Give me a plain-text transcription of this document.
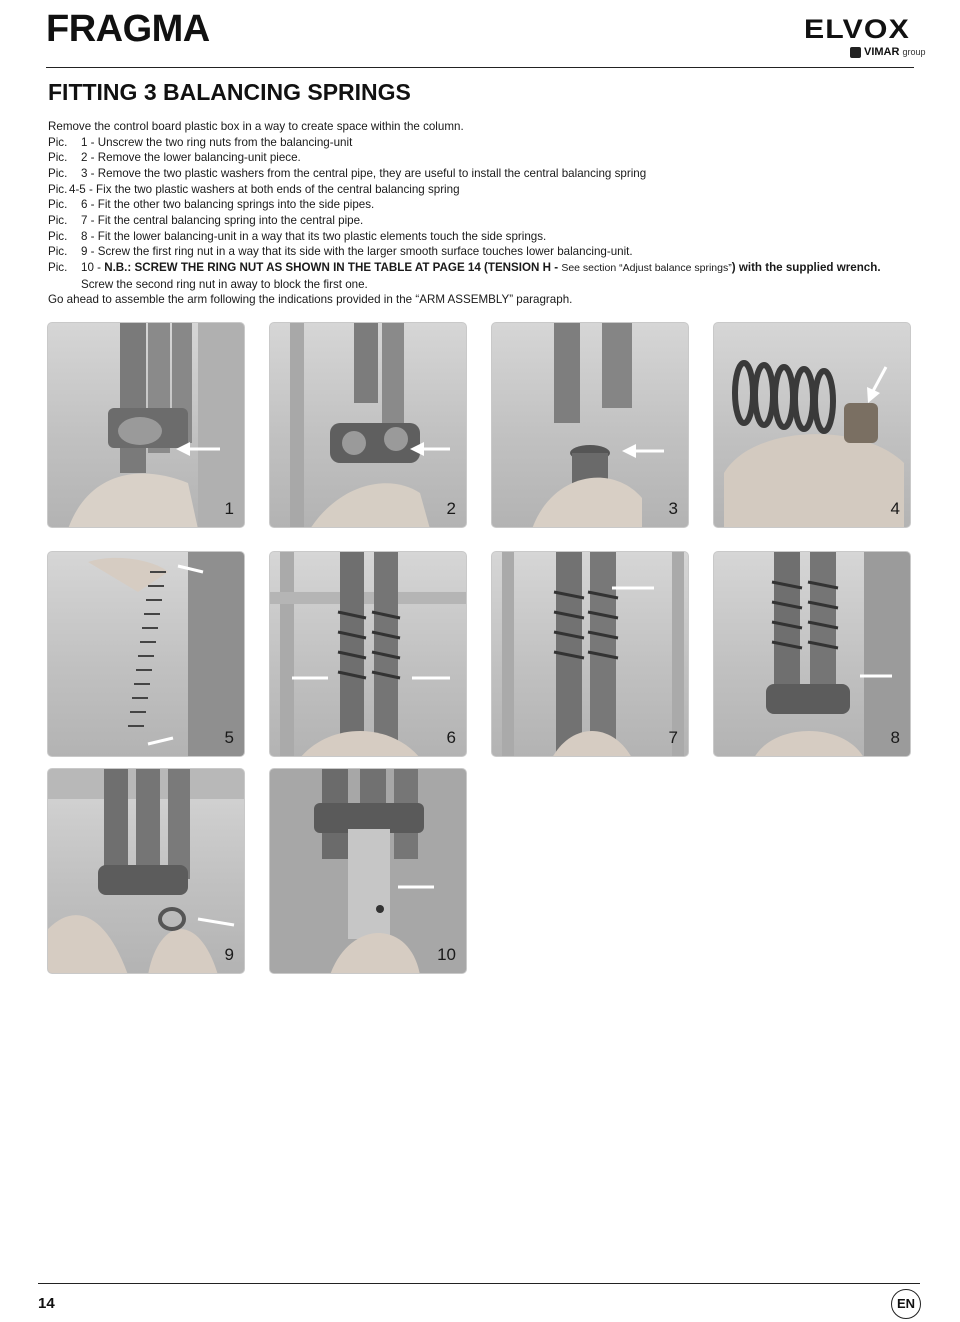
FRAGMA	ELVOX
VIMAR group
FITTING 3 BALANCING SPRINGS
Remove the control board plastic box in a way to create space within the column.
Pic. 1 - Unscrew the two ring nuts from the balancing-unit
Pic. 2 - Remove the lower balancing-unit piece.
Pic. 3 - Remove the two plastic washers from the central pipe, they are useful to install the central balancing spring
Pic. 4-5 - Fix the two plastic washers at both ends of the central balancing spring
Pic. 6 - Fit the other two balancing springs into the side pipes.
Pic. 7 - Fit the central balancing spring into the central pipe.
Pic. 8 - Fit the lower balancing-unit in a way that its two plastic elements touch the side springs.
Pic. 9 - Screw the first ring nut in a way that its side with the larger smooth surface touches lower balancing-unit.
Pic. 10 - N.B.: SCREW THE RING NUT AS SHOWN IN THE TABLE AT PAGE 14 (TENSION H - See section “Adjust balance springs”) with the supplied wrench.
Screw the second ring nut in away to block the first one.
Go ahead to assemble the arm following the indications provided in the “ARM ASSEMBLY” paragraph.
1	2	3	4
5	6	7	8
9	10
14	EN
